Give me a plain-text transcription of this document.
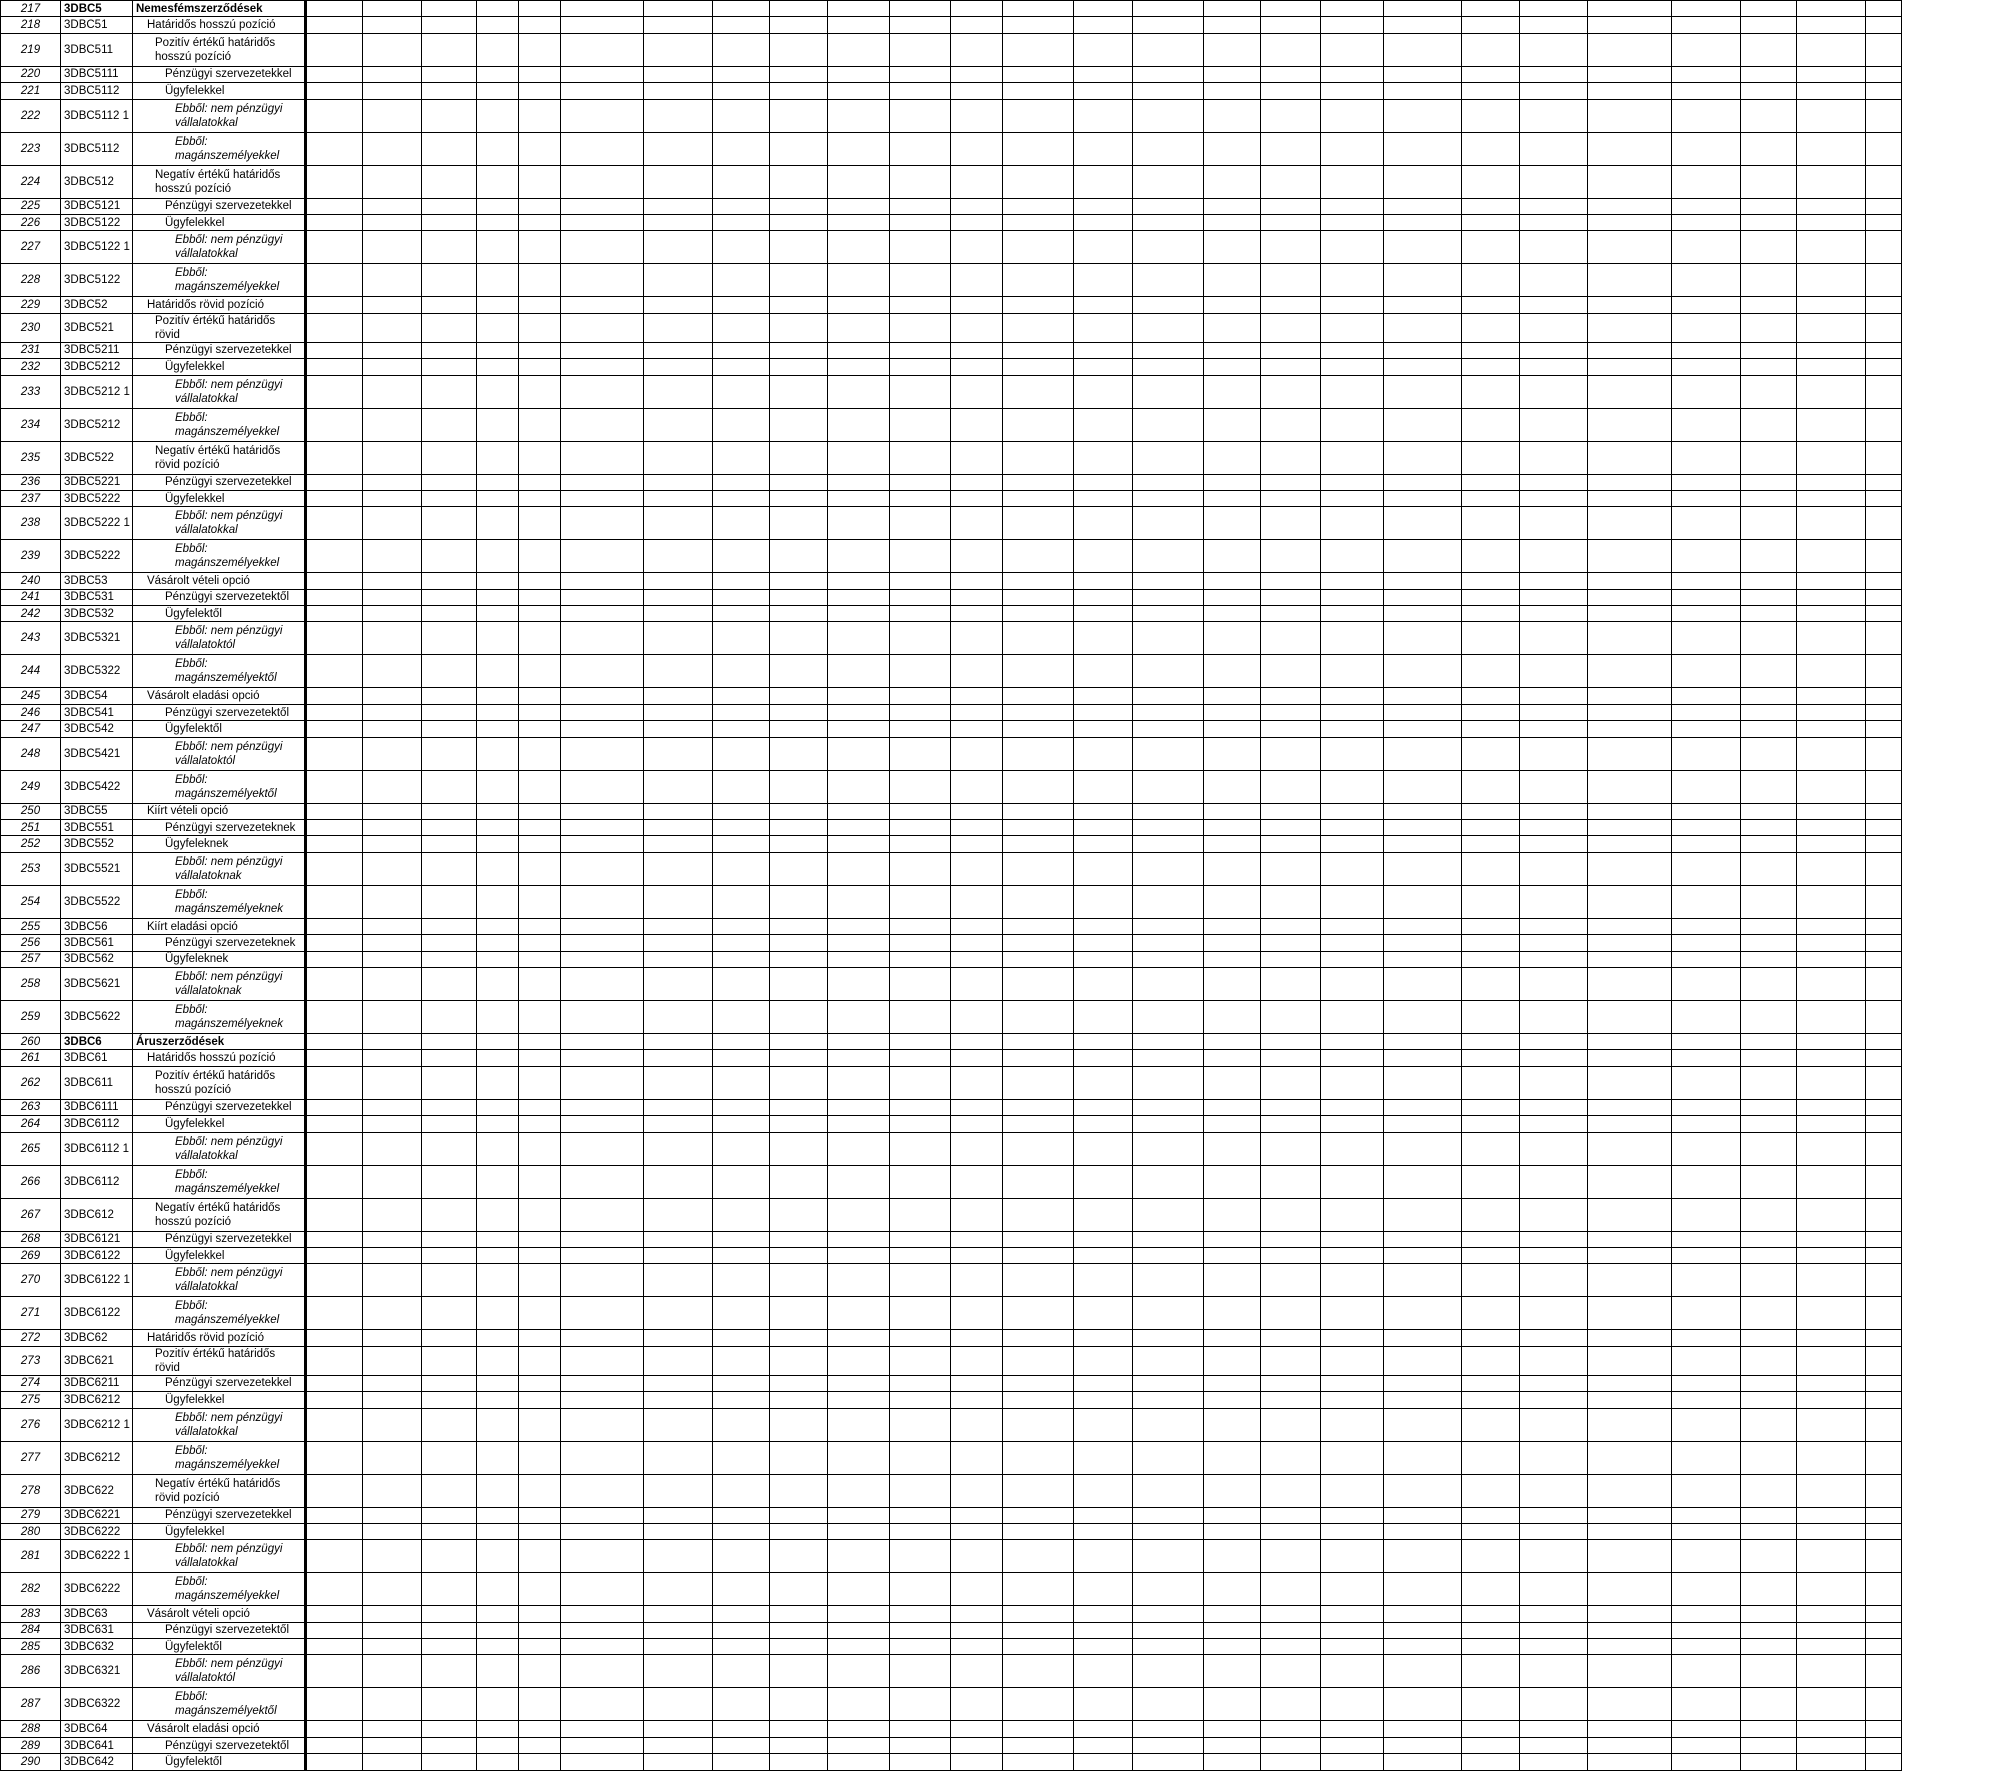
217	3DBC5	Nemesfémszerződések																										
218	3DBC51	Határidős hosszú pozíció																										
219	3DBC511	Pozitív értékű határidős hosszú pozíció																										
220	3DBC5111	Pénzügyi szervezetekkel																										
221	3DBC5112	Ügyfelekkel																										
222	3DBC5112 1	Ebből: nem pénzügyi vállalatokkal																										
223	3DBC5112	Ebből: magánszemélyekkel																										
224	3DBC512	Negatív értékű határidős hosszú pozíció																										
225	3DBC5121	Pénzügyi szervezetekkel																										
226	3DBC5122	Ügyfelekkel																										
227	3DBC5122 1	Ebből: nem pénzügyi vállalatokkal																										
228	3DBC5122	Ebből: magánszemélyekkel																										
229	3DBC52	Határidős rövid pozíció																										
230	3DBC521	Pozitív értékű határidős rövid																										
231	3DBC5211	Pénzügyi szervezetekkel																										
232	3DBC5212	Ügyfelekkel																										
233	3DBC5212 1	Ebből: nem pénzügyi vállalatokkal																										
234	3DBC5212	Ebből: magánszemélyekkel																										
235	3DBC522	Negatív értékű határidős rövid pozíció																										
236	3DBC5221	Pénzügyi szervezetekkel																										
237	3DBC5222	Ügyfelekkel																										
238	3DBC5222 1	Ebből: nem pénzügyi vállalatokkal																										
239	3DBC5222	Ebből: magánszemélyekkel																										
240	3DBC53	Vásárolt vételi opció																										
241	3DBC531	Pénzügyi szervezetektől																										
242	3DBC532	Ügyfelektől																										
243	3DBC5321	Ebből: nem pénzügyi vállalatoktól																										
244	3DBC5322	Ebből: magánszemélyektől																										
245	3DBC54	Vásárolt eladási opció																										
246	3DBC541	Pénzügyi szervezetektől																										
247	3DBC542	Ügyfelektől																										
248	3DBC5421	Ebből: nem pénzügyi vállalatoktól																										
249	3DBC5422	Ebből: magánszemélyektől																										
250	3DBC55	Kiírt vételi opció																										
251	3DBC551	Pénzügyi szervezeteknek																										
252	3DBC552	Ügyfeleknek																										
253	3DBC5521	Ebből: nem pénzügyi vállalatoknak																										
254	3DBC5522	Ebből: magánszemélyeknek																										
255	3DBC56	Kiírt eladási opció																										
256	3DBC561	Pénzügyi szervezeteknek																										
257	3DBC562	Ügyfeleknek																										
258	3DBC5621	Ebből: nem pénzügyi vállalatoknak																										
259	3DBC5622	Ebből: magánszemélyeknek																										
260	3DBC6	Áruszerződések																										
261	3DBC61	Határidős hosszú pozíció																										
262	3DBC611	Pozitív értékű határidős hosszú pozíció																										
263	3DBC6111	Pénzügyi szervezetekkel																										
264	3DBC6112	Ügyfelekkel																										
265	3DBC6112 1	Ebből: nem pénzügyi vállalatokkal																										
266	3DBC6112	Ebből: magánszemélyekkel																										
267	3DBC612	Negatív értékű határidős hosszú pozíció																										
268	3DBC6121	Pénzügyi szervezetekkel																										
269	3DBC6122	Ügyfelekkel																										
270	3DBC6122 1	Ebből: nem pénzügyi vállalatokkal																										
271	3DBC6122	Ebből: magánszemélyekkel																										
272	3DBC62	Határidős rövid pozíció																										
273	3DBC621	Pozitív értékű határidős rövid																										
274	3DBC6211	Pénzügyi szervezetekkel																										
275	3DBC6212	Ügyfelekkel																										
276	3DBC6212 1	Ebből: nem pénzügyi vállalatokkal																										
277	3DBC6212	Ebből: magánszemélyekkel																										
278	3DBC622	Negatív értékű határidős rövid pozíció																										
279	3DBC6221	Pénzügyi szervezetekkel																										
280	3DBC6222	Ügyfelekkel																										
281	3DBC6222 1	Ebből: nem pénzügyi vállalatokkal																										
282	3DBC6222	Ebből: magánszemélyekkel																										
283	3DBC63	Vásárolt vételi opció																										
284	3DBC631	Pénzügyi szervezetektől																										
285	3DBC632	Ügyfelektől																										
286	3DBC6321	Ebből: nem pénzügyi vállalatoktól																										
287	3DBC6322	Ebből: magánszemélyektől																										
288	3DBC64	Vásárolt eladási opció																										
289	3DBC641	Pénzügyi szervezetektől																										
290	3DBC642	Ügyfelektől																										
